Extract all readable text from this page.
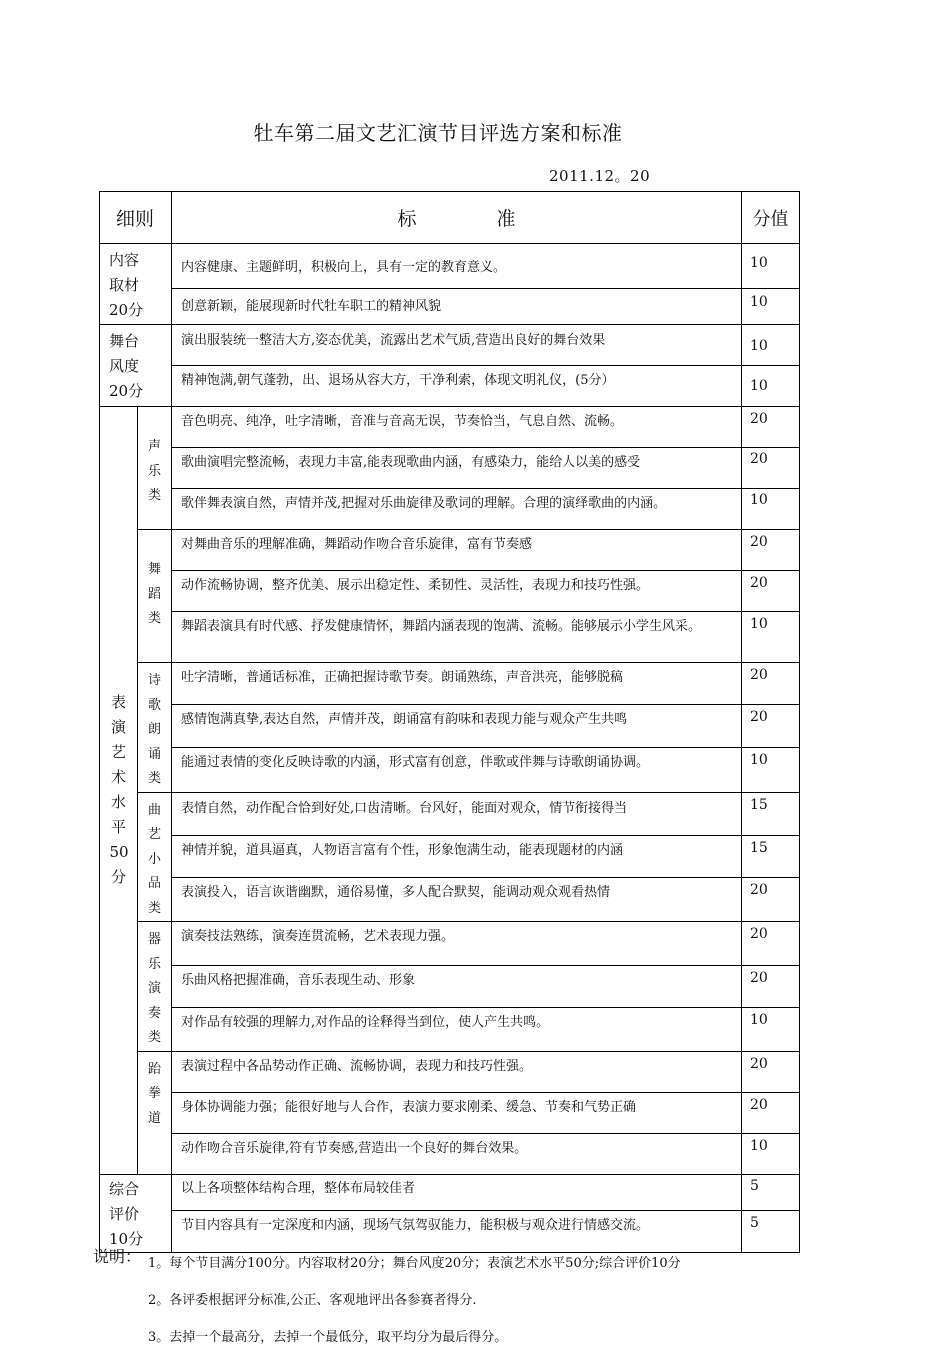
牡车第二届文艺汇演节目评选方案和标准
2011.12。20
细则		标 准	分值

内容取材20分		内容健康、主题鲜明，积极向上，具有一定的教育意义。	10
		创意新颖，能展现新时代牡车职工的精神风貌	10

舞台风度20分		演出服装统一整洁大方,姿态优美，流露出艺术气质,营造出良好的舞台效果	10
		精神饱满,朝气蓬勃，出、退场从容大方，干净利索，体现文明礼仪，(5分）	10

表演艺术水平50分	声乐类	音色明亮、纯净，吐字清晰，音准与音高无误，节奏恰当，气息自然、流畅。	20
		歌曲演唱完整流畅，表现力丰富,能表现歌曲内涵，有感染力，能给人以美的感受	20
		歌伴舞表演自然，声情并茂,把握对乐曲旋律及歌词的理解。合理的演绎歌曲的内涵。	10

	舞蹈类	对舞曲音乐的理解准确，舞蹈动作吻合音乐旋律，富有节奏感	20
		动作流畅协调，整齐优美、展示出稳定性、柔韧性、灵活性，表现力和技巧性强。	20
		舞蹈表演具有时代感、抒发健康情怀，舞蹈内涵表现的饱满、流畅。能够展示小学生风采。	10

	诗歌朗诵类	吐字清晰，普通话标准，正确把握诗歌节奏。朗诵熟练，声音洪亮，能够脱稿	20
		感情饱满真挚,表达自然，声情并茂，朗诵富有韵味和表现力能与观众产生共鸣	20
		能通过表情的变化反映诗歌的内涵，形式富有创意，伴歌或伴舞与诗歌朗诵协调。	10

	曲艺小品类	表情自然，动作配合恰到好处,口齿清晰。台风好，能面对观众，情节衔接得当	15
		神情并貌，道具逼真，人物语言富有个性，形象饱满生动，能表现题材的内涵	15
		表演投入，语言诙谐幽默，通俗易懂，多人配合默契，能调动观众观看热情	20

	器乐演奏类	演奏技法熟练，演奏连贯流畅，艺术表现力强。	20
		乐曲风格把握准确，音乐表现生动、形象	20
		对作品有较强的理解力,对作品的诠释得当到位，使人产生共鸣。	10

	跆拳道	表演过程中各品势动作正确、流畅协调，表现力和技巧性强。	20
		身体协调能力强；能很好地与人合作，表演力要求刚柔、缓急、节奏和气势正确	20
		动作吻合音乐旋律,符有节奏感,营造出一个良好的舞台效果。	10

综合评价10分		以上各项整体结构合理，整体布局较佳者	5
		节目内容具有一定深度和内涵，现场气氛驾驭能力，能积极与观众进行情感交流。	5
说明： 1。每个节目满分100分。内容取材20分；舞台风度20分；表演艺术水平50分;综合评价10分
2。各评委根据评分标准,公正、客观地评出各参赛者得分.
3。去掉一个最高分，去掉一个最低分，取平均分为最后得分。
